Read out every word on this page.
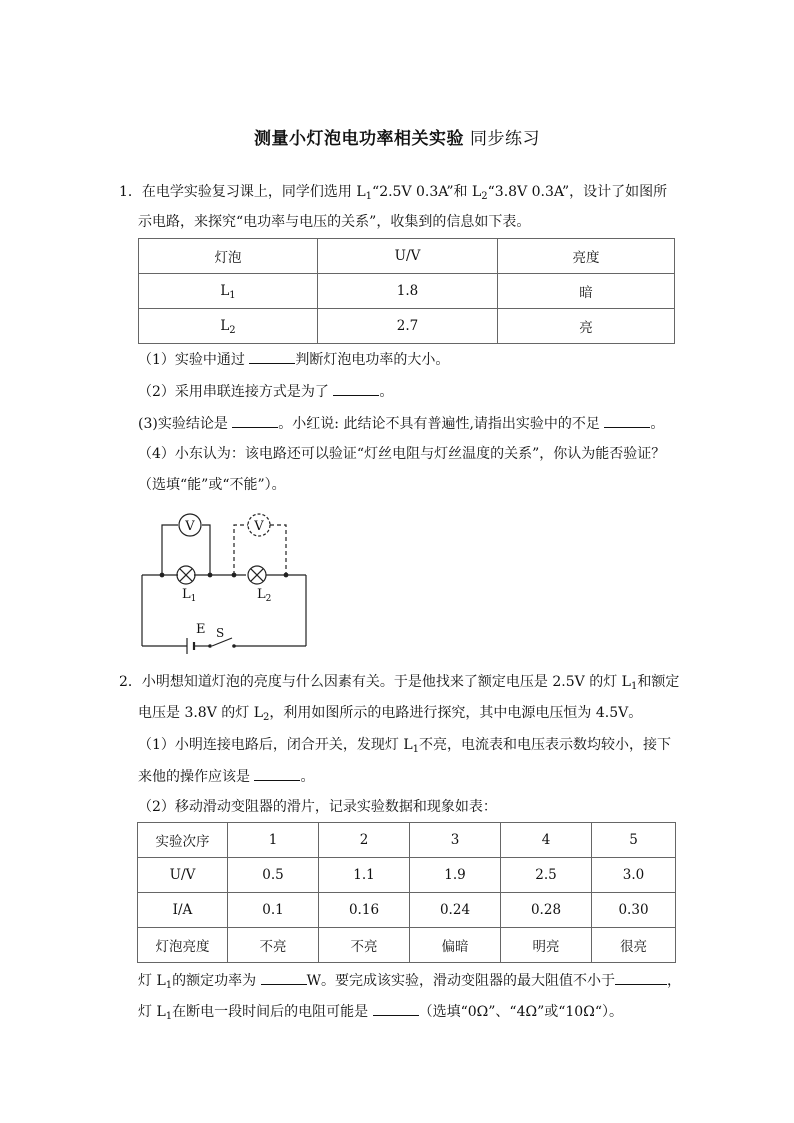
测量小灯泡电功率相关实验 同步练习
1．在电学实验复习课上，同学们选用 $L_1“2.5V$ 0.3A”和 $L_2“3.8V$ 0.3A”，设计了如图所
示电路，来探究“电功率与电压的关系”，收集到的信息如下表。
灯泡	U/V	亮度
$L_1$	1.8	暗
$L_2$	2.7	亮
（1）实验中通过	判断灯泡电功率的大小。
（2）采用串联连接方式是为了	。
(3)实验结论是	。小红说: 此结论不具有普遍性,请指出实验中的不足	。
（4）小东认为：该电路还可以验证“灯丝电阻与灯丝温度的关系”，你认为能否验证？
（选填“能”或“不能”）。
V	V
$L_1$	$L_2$
E S
2．小明想知道灯泡的亮度与什么因素有关。于是他找来了额定电压是 2.5V 的灯 $L_1$和额定
电压是 3.8V 的灯 $L_2$，利用如图所示的电路进行探究，其中电源电压恒为 4.5V。
（1）小明连接电路后，闭合开关，发现灯 $L_1$不亮，电流表和电压表示数均较小，接下
来他的操作应该是	。
（2）移动滑动变阻器的滑片，记录实验数据和现象如表：
实验次序	1	2	3	4	5
U/V	0.5	1.1	1.9	2.5	3.0
I/A	0.1	0.16	0.24	0.28	0.30
灯泡亮度	不亮	不亮	偏暗	明亮	很亮
灯 $L_1$的额定功率为	W。要完成该实验，滑动变阻器的最大阻值不小于	，
灯 $L_1$在断电一段时间后的电阻可能是	（选填“0Ω”、“4Ω”或“10Ω“）。
